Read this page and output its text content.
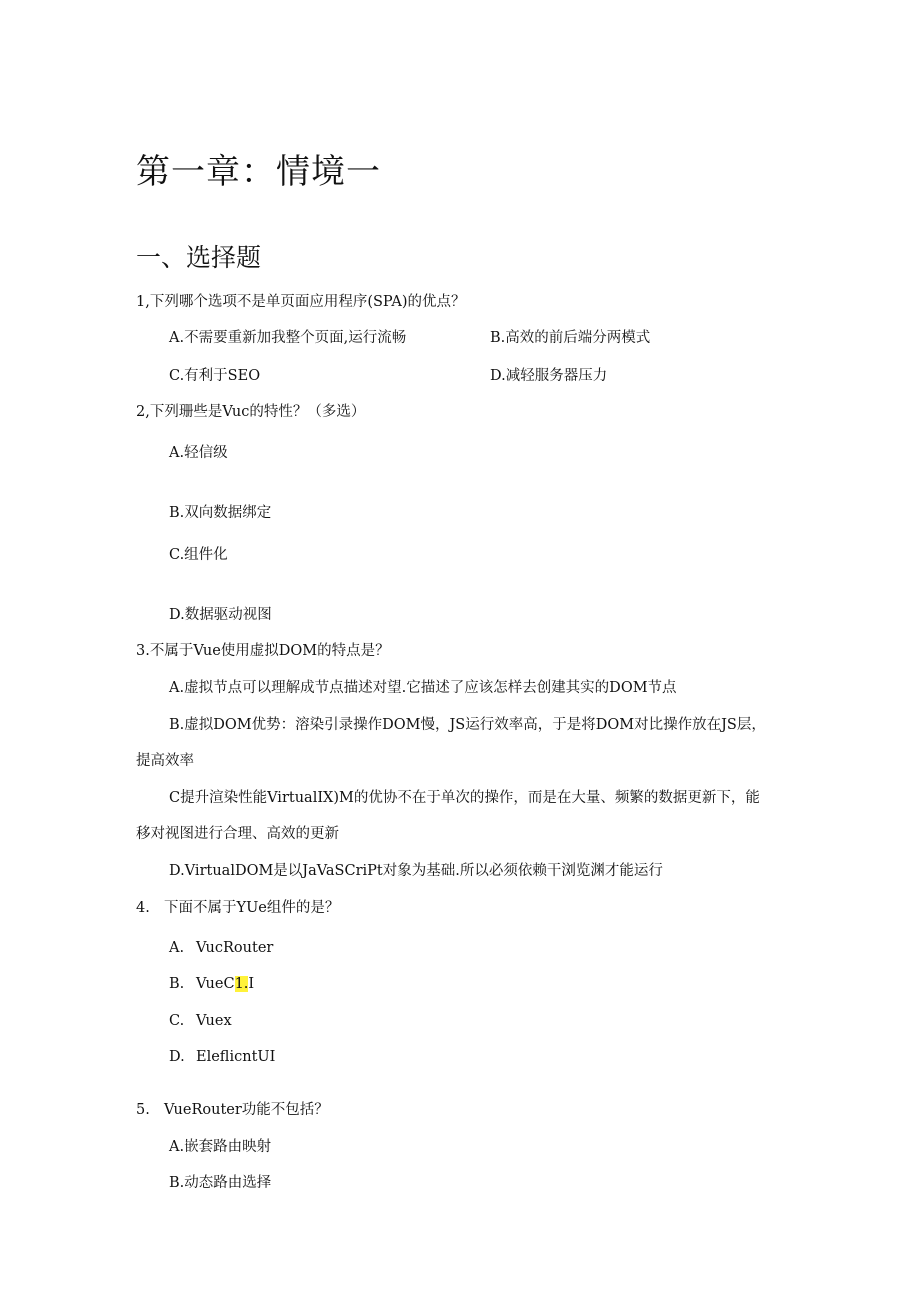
第一章：情境一
一、选择题
1,下列哪个选项不是单页面应用程序(SPA)的优点？
A.不需要重新加我整个页面,运行流畅	B.高效的前后端分两模式
C.有利于SEO	D.减轻服务器压力
2,下列珊些是Vuc的特性？（多选）
A.轻信级
B.双向数据绑定
C.组件化
D.数据驱动视图
3.不属于Vue使用虚拟DOM的特点是？
A.虚拟节点可以理解成节点描述对望.它描述了应该怎样去创建其实的DOM节点
B.虚拟DOM优势：溶染引录操作DOM慢，JS运行效率高，于是将DOM对比操作放在JS层，
提高效率
C提升渲染性能VirtualIX)M的优协不在于单次的操作，而是在大量、频繁的数据更新下，能
移对视图进行合理、高效的更新
D.VirtualDOM是以JaVaSCriPt对象为基础.所以必须依赖干浏览渊才能运行
4. 下面不属于YUe组件的是？
A. VucRouter
B. VueC1.I
C. Vuex
D. EleflicntUI
5. VueRouter功能不包括？
A.嵌套路由映射
B.动态路由选择
